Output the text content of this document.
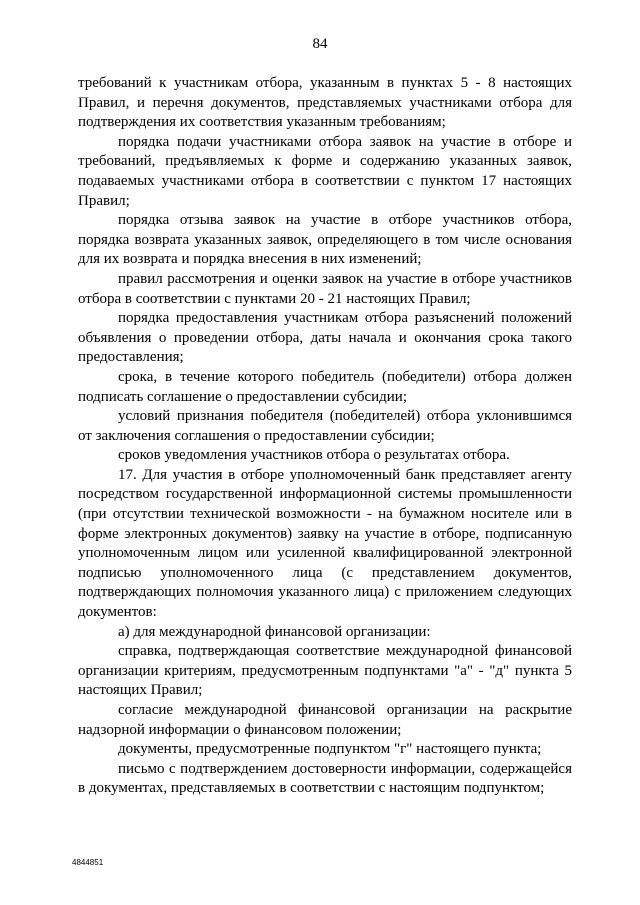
84

требований к участникам отбора, указанным в пунктах 5 - 8 настоящих Правил, и перечня документов, представляемых участниками отбора для подтверждения их соответствия указанным требованиям;

порядка подачи участниками отбора заявок на участие в отборе и требований, предъявляемых к форме и содержанию указанных заявок, подаваемых участниками отбора в соответствии с пунктом 17 настоящих Правил;

порядка отзыва заявок на участие в отборе участников отбора, порядка возврата указанных заявок, определяющего в том числе основания для их возврата и порядка внесения в них изменений;

правил рассмотрения и оценки заявок на участие в отборе участников отбора в соответствии с пунктами 20 - 21 настоящих Правил;

порядка предоставления участникам отбора разъяснений положений объявления о проведении отбора, даты начала и окончания срока такого предоставления;

срока, в течение которого победитель (победители) отбора должен подписать соглашение о предоставлении субсидии;

условий признания победителя (победителей) отбора уклонившимся от заключения соглашения о предоставлении субсидии;

сроков уведомления участников отбора о результатах отбора.

17. Для участия в отборе уполномоченный банк представляет агенту посредством государственной информационной системы промышленности (при отсутствии технической возможности - на бумажном носителе или в форме электронных документов) заявку на участие в отборе, подписанную уполномоченным лицом или усиленной квалифицированной электронной подписью уполномоченного лица (с представлением документов, подтверждающих полномочия указанного лица) с приложением следующих документов:

а) для международной финансовой организации:

справка, подтверждающая соответствие международной финансовой организации критериям, предусмотренным подпунктами "а" - "д" пункта 5 настоящих Правил;

согласие международной финансовой организации на раскрытие надзорной информации о финансовом положении;

документы, предусмотренные подпунктом "г" настоящего пункта;

письмо с подтверждением достоверности информации, содержащейся в документах, представляемых в соответствии с настоящим подпунктом;

4844851
